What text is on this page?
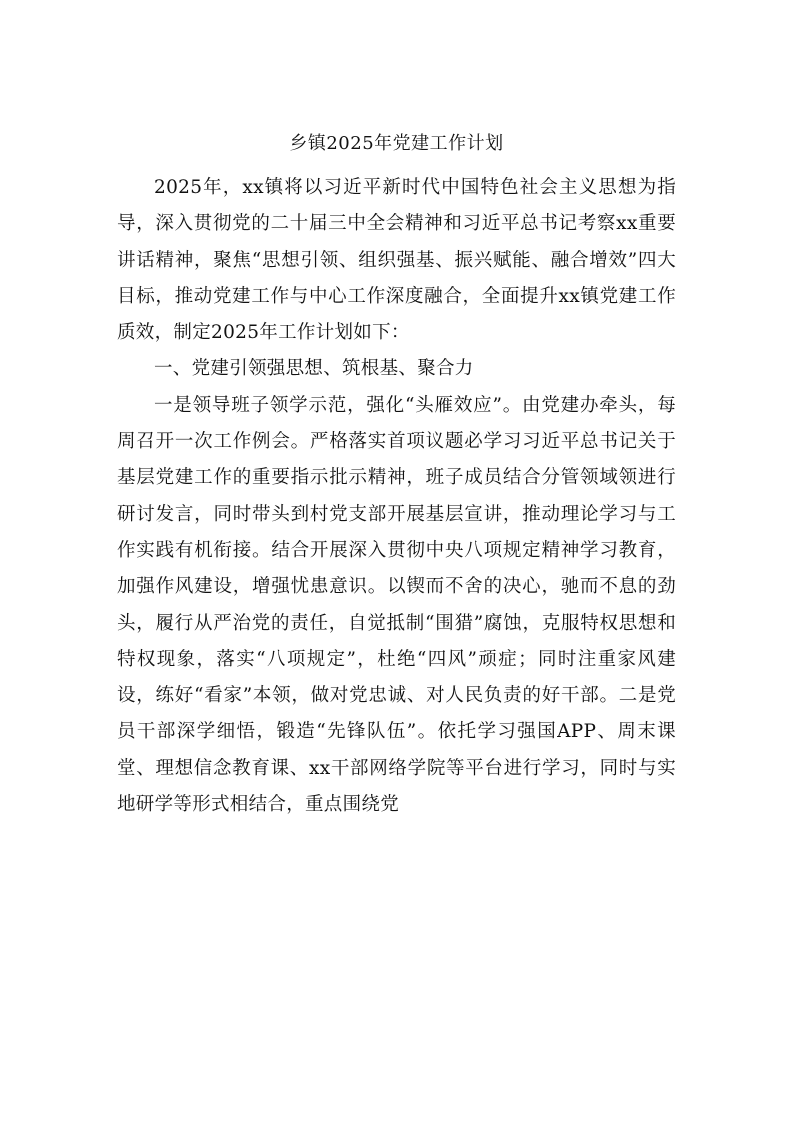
乡镇2025年党建工作计划

2025年，xx镇将以习近平新时代中国特色社会主义思想为指导，深入贯彻党的二十届三中全会精神和习近平总书记考察xx重要讲话精神，聚焦“思想引领、组织强基、振兴赋能、融合增效”四大目标，推动党建工作与中心工作深度融合，全面提升xx镇党建工作质效，制定2025年工作计划如下：

一、党建引领强思想、筑根基、聚合力

一是领导班子领学示范，强化“头雁效应”。由党建办牵头，每周召开一次工作例会。严格落实首项议题必学习习近平总书记关于基层党建工作的重要指示批示精神，班子成员结合分管领域领进行研讨发言，同时带头到村党支部开展基层宣讲，推动理论学习与工作实践有机衔接。结合开展深入贯彻中央八项规定精神学习教育，加强作风建设，增强忧患意识。以锲而不舍的决心，驰而不息的劲头，履行从严治党的责任，自觉抵制“围猎”腐蚀，克服特权思想和特权现象，落实“八项规定”，杜绝“四风”顽症；同时注重家风建设，练好“看家”本领，做对党忠诚、对人民负责的好干部。二是党员干部深学细悟，锻造“先锋队伍”。依托学习强国APP、周末课堂、理想信念教育课、xx干部网络学院等平台进行学习，同时与实地研学等形式相结合，重点围绕党
